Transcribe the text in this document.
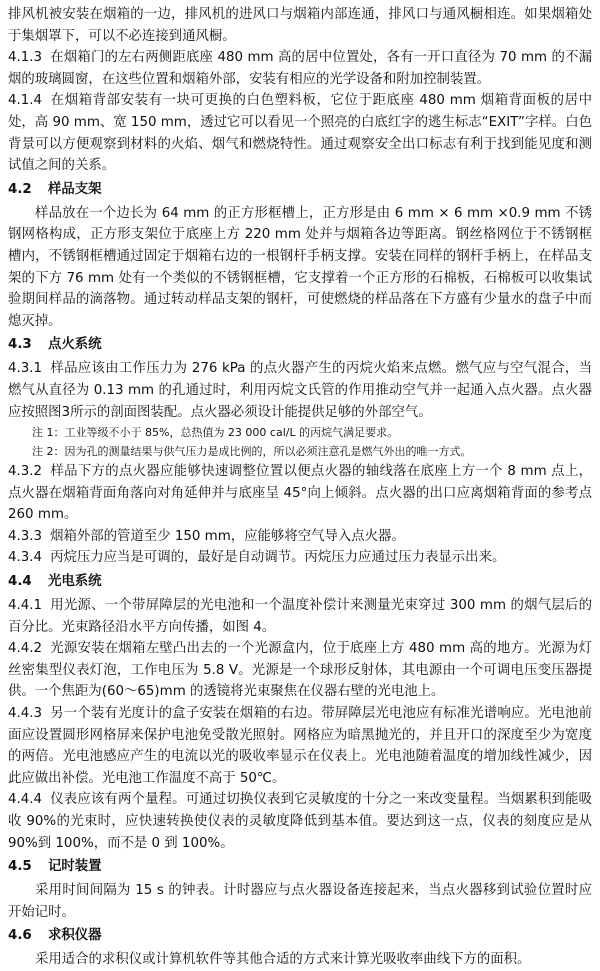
排风机被安装在烟箱的一边，排风机的进风口与烟箱内部连通，排风口与通风橱相连。如果烟箱处于集烟罩下，可以不必连接到通风橱。
4.1.3 在烟箱门的左右两侧距底座 480 mm 高的居中位置处，各有一开口直径为 70 mm 的不漏烟的玻璃圆窗，在这些位置和烟箱外部，安装有相应的光学设备和附加控制装置。
4.1.4 在烟箱背部安装有一块可更换的白色塑料板，它位于距底座 480 mm 烟箱背面板的居中处，高 90 mm、宽 150 mm，透过它可以看见一个照亮的白底红字的逃生标志“EXIT”字样。白色背景可以方便观察到材料的火焰、烟气和燃烧特性。通过观察安全出口标志有利于找到能见度和测试值之间的关系。
4.2 样品支架
样品放在一个边长为 64 mm 的正方形框槽上，正方形是由 6 mm × 6 mm ×0.9 mm 不锈钢网格构成，正方形支架位于底座上方 220 mm 处并与烟箱各边等距离。钢丝格网位于不锈钢框槽内，不锈钢框槽通过固定于烟箱右边的一根钢杆手柄支撑。安装在同样的钢杆手柄上，在样品支架的下方 76 mm 处有一个类似的不锈钢框槽，它支撑着一个正方形的石棉板，石棉板可以收集试验期间样品的滴落物。通过转动样品支架的钢杆，可使燃烧的样品落在下方盛有少量水的盘子中而熄灭掉。
4.3 点火系统
4.3.1 样品应该由工作压力为 276 kPa 的点火器产生的丙烷火焰来点燃。燃气应与空气混合，当燃气从直径为 0.13 mm 的孔通过时，利用丙烷文氏管的作用推动空气并一起通入点火器。点火器应按照图3所示的剖面图装配。点火器必须设计能提供足够的外部空气。
注 1：工业等级不小于 85%，总热值为 23 000 cal/L 的丙烷气满足要求。
注 2：因为孔的测量结果与供气压力是成比例的，所以必须注意孔是燃气外出的唯一方式。
4.3.2 样品下方的点火器应能够快速调整位置以便点火器的轴线落在底座上方一个 8 mm 点上，点火器在烟箱背面角落向对角延伸并与底座呈 45°向上倾斜。点火器的出口应离烟箱背面的参考点 260 mm。
4.3.3 烟箱外部的管道至少 150 mm，应能够将空气导入点火器。
4.3.4 丙烷压力应当是可调的，最好是自动调节。丙烷压力应通过压力表显示出来。
4.4 光电系统
4.4.1 用光源、一个带屏障层的光电池和一个温度补偿计来测量光束穿过 300 mm 的烟气层后的百分比。光束路径沿水平方向传播，如图 4。
4.4.2 光源安装在烟箱左壁凸出去的一个光源盒内，位于底座上方 480 mm 高的地方。光源为灯丝密集型仪表灯泡，工作电压为 5.8 V。光源是一个球形反射体，其电源由一个可调电压变压器提供。一个焦距为(60～65)mm 的透镜将光束聚焦在仪器右壁的光电池上。
4.4.3 另一个装有光度计的盒子安装在烟箱的右边。带屏障层光电池应有标准光谱响应。光电池前面应设置圆形网格屏来保护电池免受散光照射。网格应为暗黑抛光的，并且开口的深度至少为宽度的两倍。光电池感应产生的电流以光的吸收率显示在仪表上。光电池随着温度的增加线性减少，因此应做出补偿。光电池工作温度不高于 50℃。
4.4.4 仪表应该有两个量程。可通过切换仪表到它灵敏度的十分之一来改变量程。当烟累积到能吸收 90%的光束时，应快速转换使仪表的灵敏度降低到基本值。要达到这一点，仪表的刻度应是从 90%到 100%，而不是 0 到 100%。
4.5 记时装置
采用时间间隔为 15 s 的钟表。计时器应与点火器设备连接起来，当点火器移到试验位置时应开始记时。
4.6 求积仪器
采用适合的求积仪或计算机软件等其他合适的方式来计算光吸收率曲线下方的面积。
